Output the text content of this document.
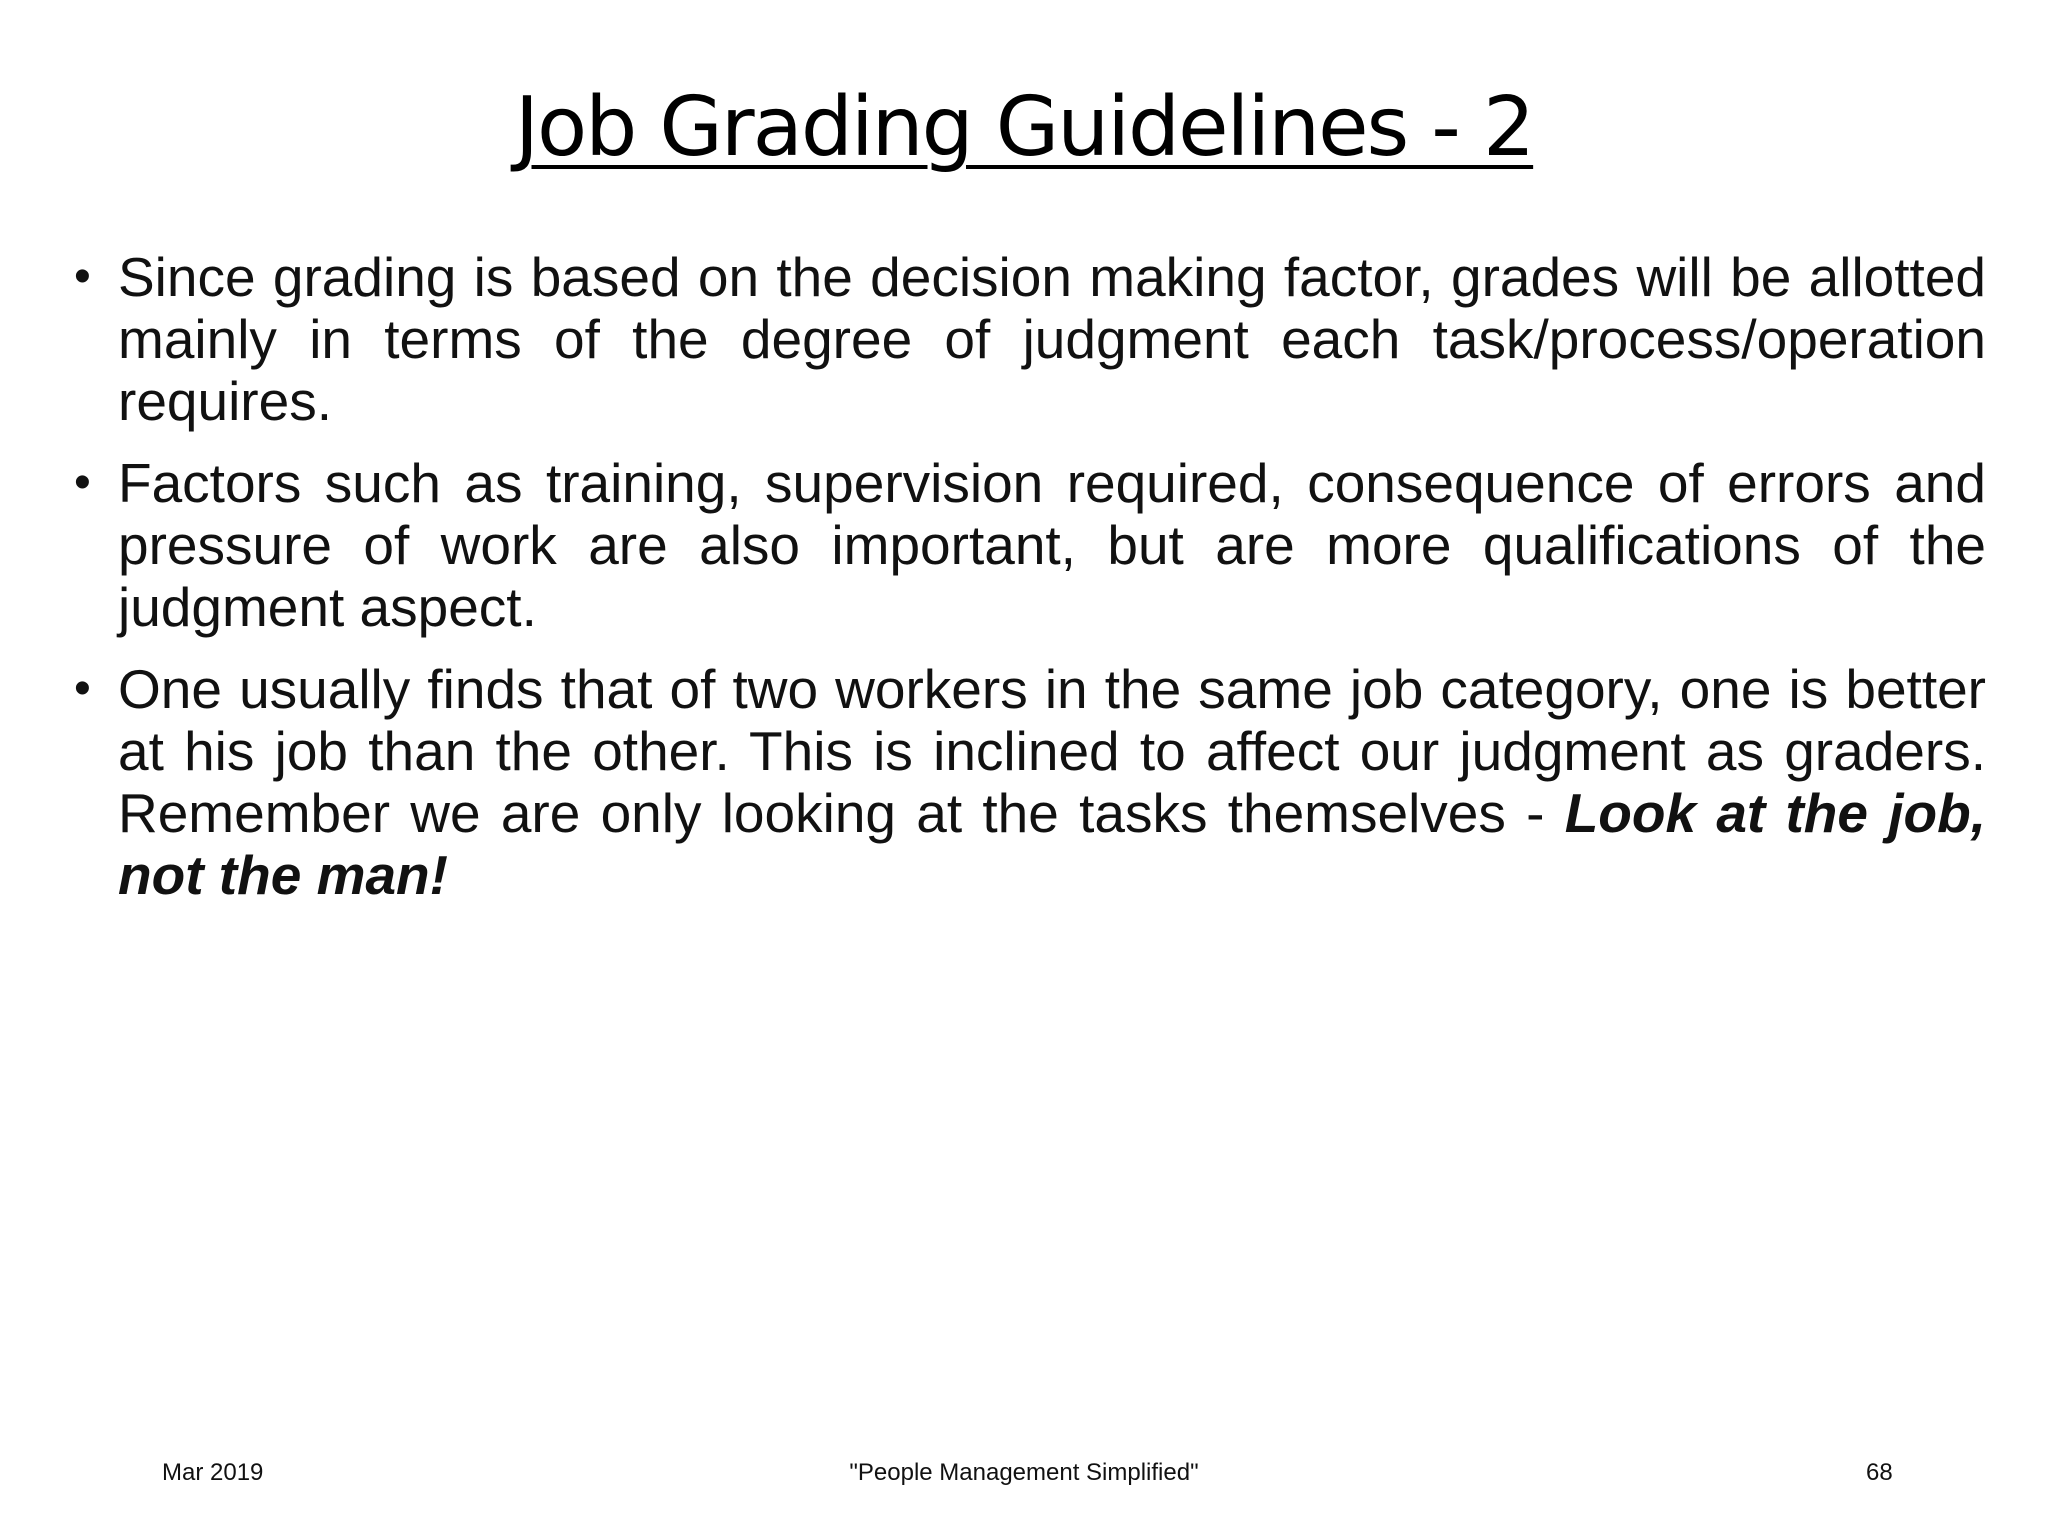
Job Grading Guidelines - 2
• Since grading is based on the decision making factor, grades will be allotted mainly in terms of the degree of judgment each task/process/operation requires.
• Factors such as training, supervision required, consequence of errors and pressure of work are also important, but are more qualifications of the judgment aspect.
• One usually finds that of two workers in the same job category, one is better at his job than the other. This is inclined to affect our judgment as graders. Remember we are only looking at the tasks themselves - Look at the job, not the man!
Mar 2019	"People Management Simplified"	68
